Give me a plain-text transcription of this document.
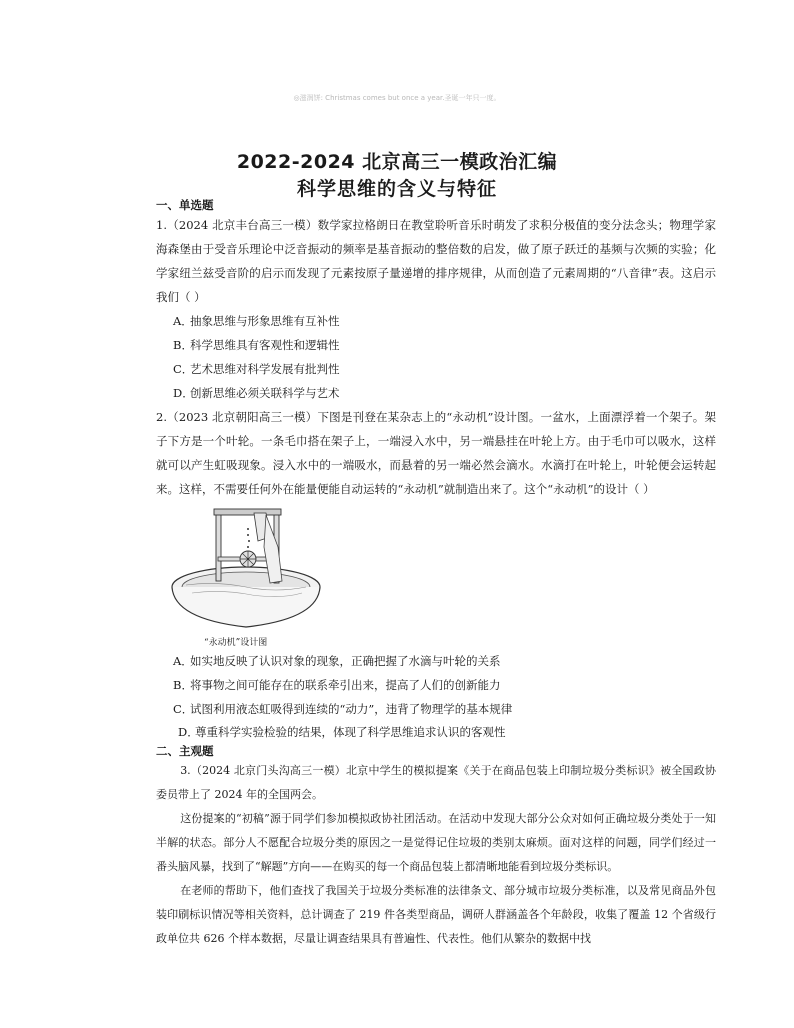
◎滋润饼: Christmas comes but once a year.圣诞一年只一度。
2022-2024 北京高三一模政治汇编
科学思维的含义与特征
一、单选题

1.（2024 北京丰台高三一模）数学家拉格朗日在教堂聆听音乐时萌发了求积分极值的变分法念头；物理学家海森堡由于受音乐理论中泛音振动的频率是基音振动的整倍数的启发，做了原子跃迁的基频与次频的实验；化学家纽兰兹受音阶的启示而发现了元素按原子量递增的排序规律，从而创造了元素周期的“八音律”表。这启示我们（ ）

A．抽象思维与形象思维有互补性
B．科学思维具有客观性和逻辑性
C．艺术思维对科学发展有批判性
D．创新思维必须关联科学与艺术

2.（2023 北京朝阳高三一模）下图是刊登在某杂志上的“永动机”设计图。一盆水，上面漂浮着一个架子。架子下方是一个叶轮。一条毛巾搭在架子上，一端浸入水中，另一端悬挂在叶轮上方。由于毛巾可以吸水，这样就可以产生虹吸现象。浸入水中的一端吸水，而悬着的另一端必然会滴水。水滴打在叶轮上，叶轮便会运转起来。这样，不需要任何外在能量便能自动运转的“永动机”就制造出来了。这个“永动机”的设计（ ）

“永动机”设计图
A．如实地反映了认识对象的现象，正确把握了水滴与叶轮的关系
B．将事物之间可能存在的联系牵引出来，提高了人们的创新能力
C．试图利用液态虹吸得到连续的“动力”，违背了物理学的基本规律
D．尊重科学实验检验的结果，体现了科学思维追求认识的客观性
二、主观题

3.（2024 北京门头沟高三一模）北京中学生的模拟提案《关于在商品包装上印制垃圾分类标识》被全国政协委员带上了 2024 年的全国两会。

这份提案的“初稿”源于同学们参加模拟政协社团活动。在活动中发现大部分公众对如何正确垃圾分类处于一知半解的状态。部分人不愿配合垃圾分类的原因之一是觉得记住垃圾的类别太麻烦。面对这样的问题，同学们经过一番头脑风暴，找到了“解题”方向——在购买的每一个商品包装上都清晰地能看到垃圾分类标识。

在老师的帮助下，他们查找了我国关于垃圾分类标准的法律条文、部分城市垃圾分类标准，以及常见商品外包装印刷标识情况等相关资料，总计调查了 219 件各类型商品，调研人群涵盖各个年龄段，收集了覆盖 12 个省级行政单位共 626 个样本数据，尽量让调查结果具有普遍性、代表性。他们从繁杂的数据中找
